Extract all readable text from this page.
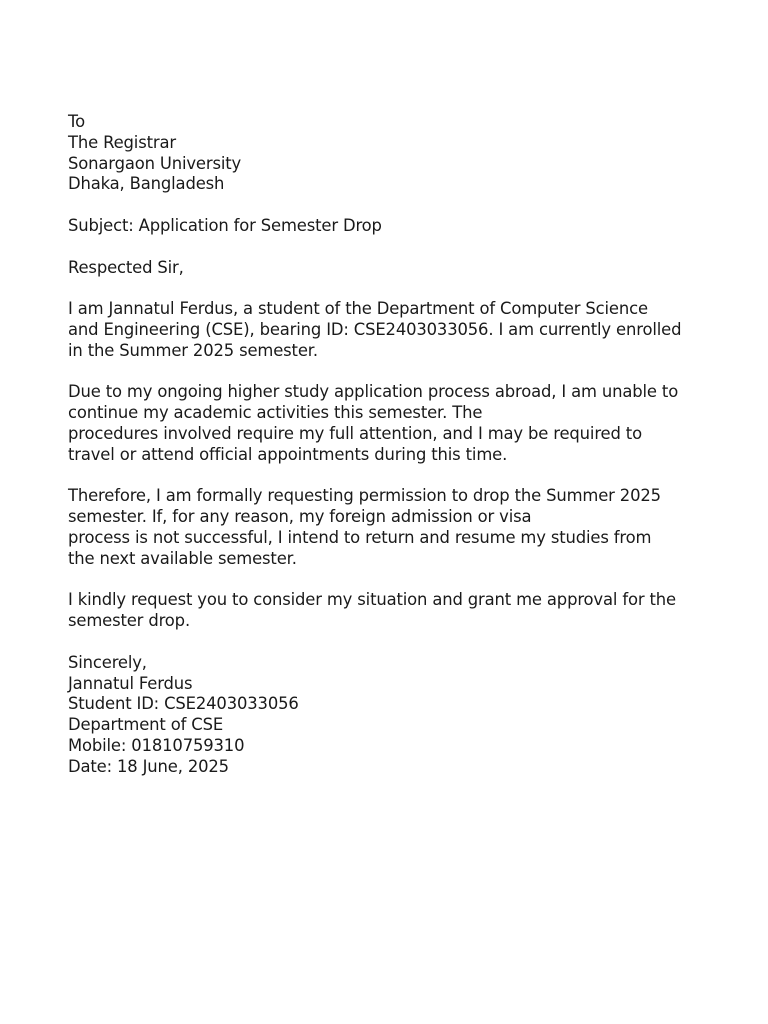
To
The Registrar
Sonargaon University
Dhaka, Bangladesh
Subject: Application for Semester Drop
Respected Sir,
I am Jannatul Ferdus, a student of the Department of Computer Science
and Engineering (CSE), bearing ID: CSE2403033056. I am currently enrolled
in the Summer 2025 semester.
Due to my ongoing higher study application process abroad, I am unable to
continue my academic activities this semester. The
procedures involved require my full attention, and I may be required to
travel or attend official appointments during this time.
Therefore, I am formally requesting permission to drop the Summer 2025
semester. If, for any reason, my foreign admission or visa
process is not successful, I intend to return and resume my studies from
the next available semester.
I kindly request you to consider my situation and grant me approval for the
semester drop.
Sincerely,
Jannatul Ferdus
Student ID: CSE2403033056
Department of CSE
Mobile: 01810759310
Date: 18 June, 2025
